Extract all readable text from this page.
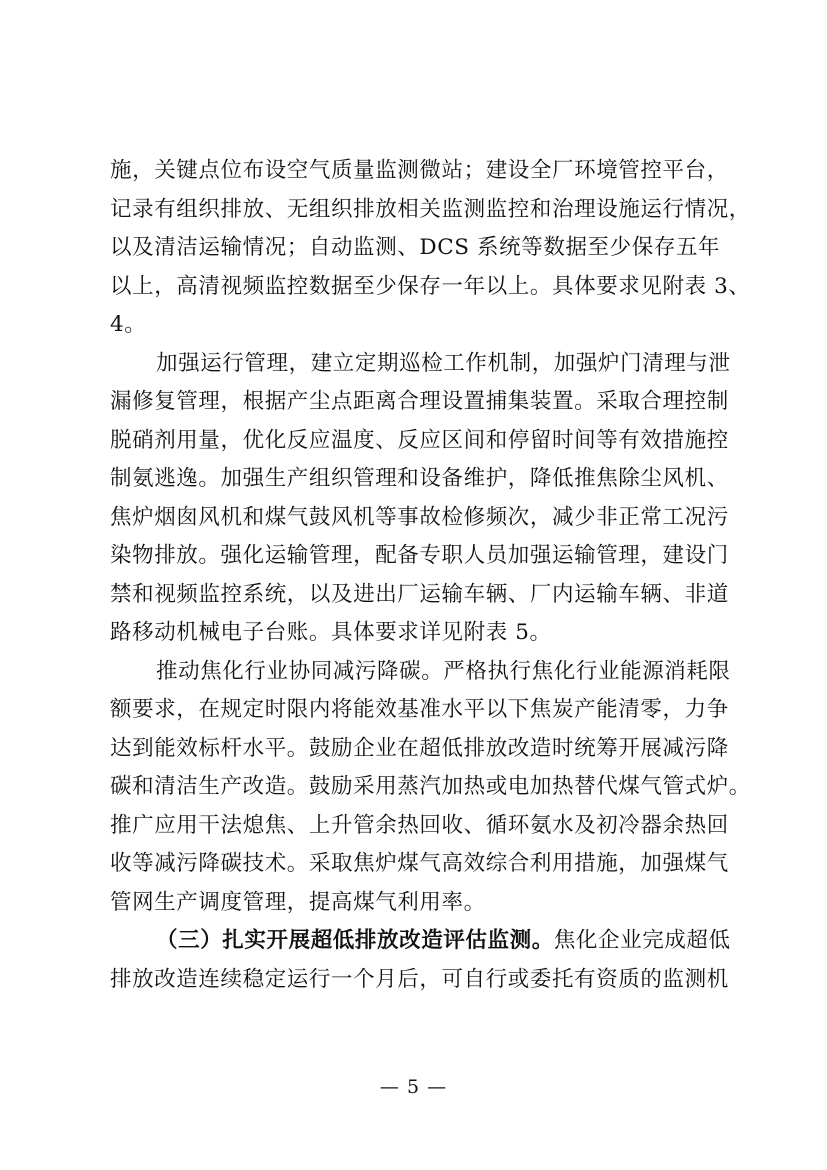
施，关键点位布设空气质量监测微站；建设全厂环境管控平台，
记录有组织排放、无组织排放相关监测监控和治理设施运行情况，
以及清洁运输情况；自动监测、DCS 系统等数据至少保存五年
以上，高清视频监控数据至少保存一年以上。具体要求见附表 3、
4。
加强运行管理，建立定期巡检工作机制，加强炉门清理与泄
漏修复管理，根据产尘点距离合理设置捕集装置。采取合理控制
脱硝剂用量，优化反应温度、反应区间和停留时间等有效措施控
制氨逃逸。加强生产组织管理和设备维护，降低推焦除尘风机、
焦炉烟囱风机和煤气鼓风机等事故检修频次，减少非正常工况污
染物排放。强化运输管理，配备专职人员加强运输管理，建设门
禁和视频监控系统，以及进出厂运输车辆、厂内运输车辆、非道
路移动机械电子台账。具体要求详见附表 5。
推动焦化行业协同减污降碳。严格执行焦化行业能源消耗限
额要求，在规定时限内将能效基准水平以下焦炭产能清零，力争
达到能效标杆水平。鼓励企业在超低排放改造时统筹开展减污降
碳和清洁生产改造。鼓励采用蒸汽加热或电加热替代煤气管式炉。
推广应用干法熄焦、上升管余热回收、循环氨水及初冷器余热回
收等减污降碳技术。采取焦炉煤气高效综合利用措施，加强煤气
管网生产调度管理，提高煤气利用率。
（三）扎实开展超低排放改造评估监测。焦化企业完成超低
排放改造连续稳定运行一个月后，可自行或委托有资质的监测机
— 5 —
